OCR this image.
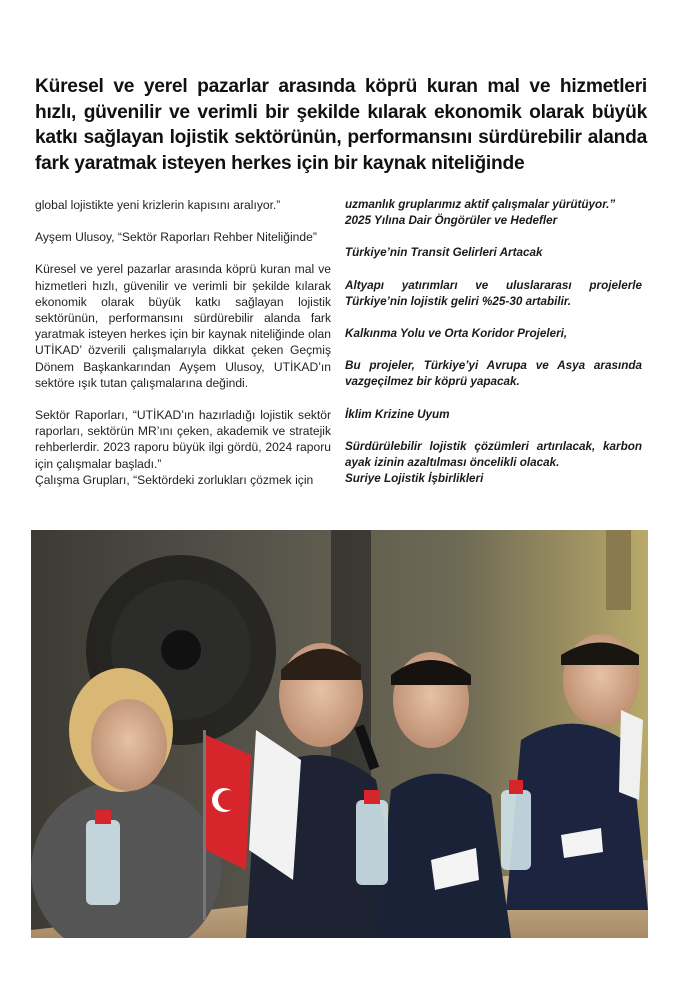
Küresel ve yerel pazarlar arasında köprü kuran mal ve hizmetleri hızlı, güvenilir ve verimli bir şekilde kılarak ekonomik olarak büyük katkı sağlayan lojistik sektörünün, performansını sürdürebilir alanda fark yaratmak isteyen herkes için bir kaynak niteliğinde

global lojistikte yeni krizlerin kapısını aralıyor.”

Ayşem Ulusoy, “Sektör Raporları Rehber Niteliğinde”

Küresel ve yerel pazarlar arasında köprü kuran mal ve hizmetleri hızlı, güvenilir ve verimli bir şekilde kılarak ekonomik olarak büyük katkı sağlayan lojistik sektörünün, performansını sürdürebilir alanda fark yaratmak isteyen herkes için bir kaynak niteliğinde olan UTİKAD’ özverili çalışmalarıyla dikkat çeken Geçmiş Dönem Başkankarından Ayşem Ulusoy, UTİKAD’ın sektöre ışık tutan çalışmalarına değindi.

Sektör Raporları, “UTİKAD’ın hazırladığı lojistik sektör raporları, sektörün MR’ını çeken, akademik ve stratejik rehberlerdir. 2023 raporu büyük ilgi gördü, 2024 raporu için çalışmalar başladı.”

Çalışma Grupları, “Sektördeki zorlukları çözmek için

uzmanlık gruplarımız aktif çalışmalar yürütüyor.”

2025 Yılına Dair Öngörüler ve Hedefler

Türkiye’nin Transit Gelirleri Artacak

Altyapı yatırımları ve uluslararası projelerle Türkiye’nin lojistik geliri %25-30 artabilir.

Kalkınma Yolu ve Orta Koridor Projeleri,

Bu projeler, Türkiye’yi Avrupa ve Asya arasında vazgeçilmez bir köprü yapacak.

İklim Krizine Uyum

Sürdürülebilir lojistik çözümleri artırılacak, karbon ayak izinin azaltılması öncelikli olacak.

Suriye Lojistik İşbirlikleri
